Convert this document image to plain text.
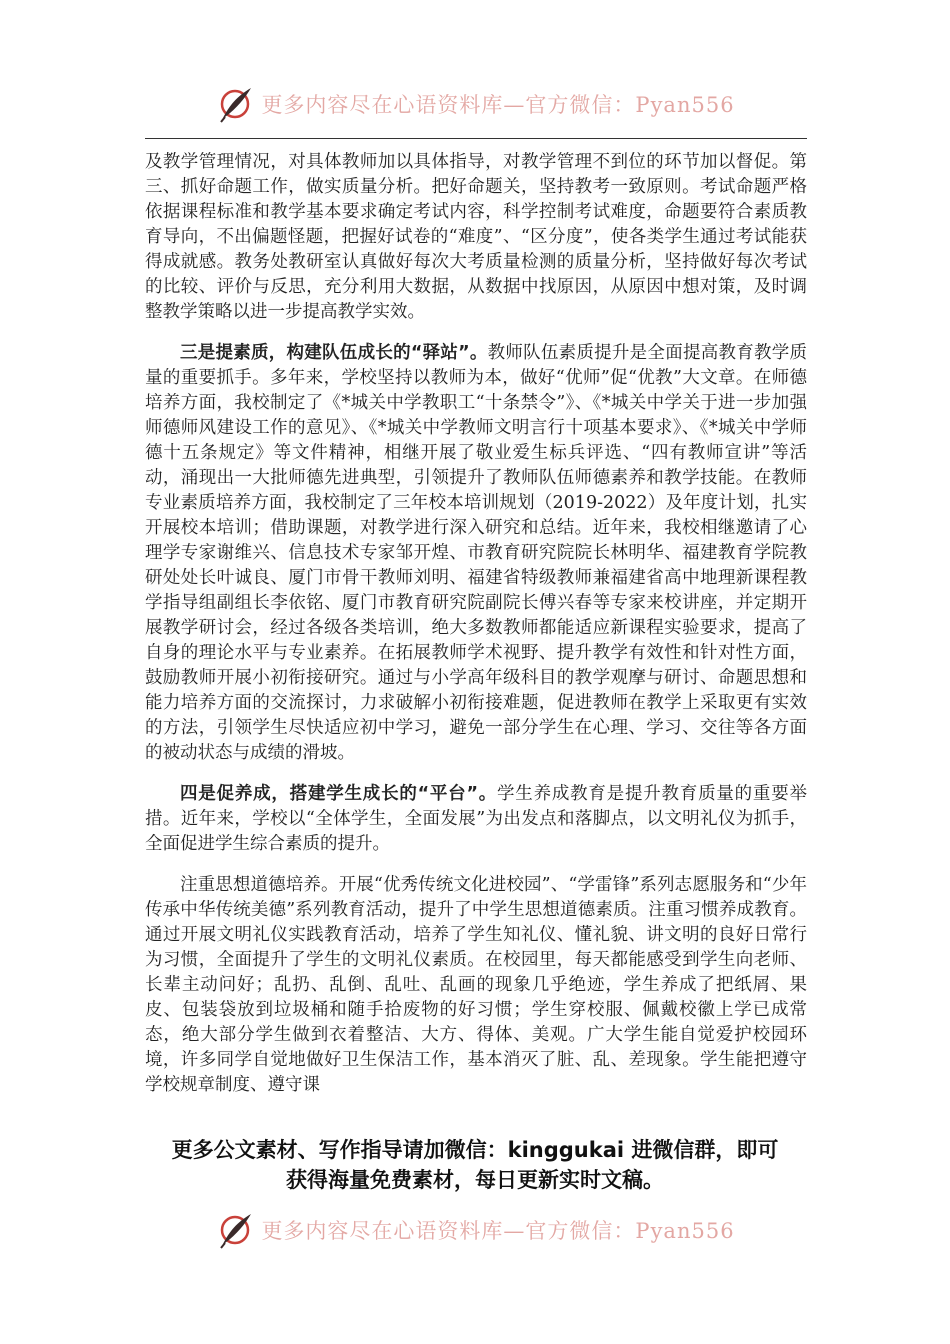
更多内容尽在心语资料库—官方微信：Pyan556

及教学管理情况，对具体教师加以具体指导，对教学管理不到位的环节加以督促。第三、抓好命题工作，做实质量分析。把好命题关，坚持教考一致原则。考试命题严格依据课程标准和教学基本要求确定考试内容，科学控制考试难度，命题要符合素质教育导向，不出偏题怪题，把握好试卷的“难度”、“区分度”，使各类学生通过考试能获得成就感。教务处教研室认真做好每次大考质量检测的质量分析，坚持做好每次考试的比较、评价与反思，充分利用大数据，从数据中找原因，从原因中想对策，及时调整教学策略以进一步提高教学实效。

三是提素质，构建队伍成长的“驿站”。教师队伍素质提升是全面提高教育教学质量的重要抓手。多年来，学校坚持以教师为本，做好“优师”促“优教”大文章。在师德培养方面，我校制定了《*城关中学教职工“十条禁令”》、《*城关中学关于进一步加强师德师风建设工作的意见》、《*城关中学教师文明言行十项基本要求》、《*城关中学师德十五条规定》等文件精神，相继开展了敬业爱生标兵评选、“四有教师宣讲”等活动，涌现出一大批师德先进典型，引领提升了教师队伍师德素养和教学技能。在教师专业素质培养方面，我校制定了三年校本培训规划（2019-2022）及年度计划，扎实开展校本培训；借助课题，对教学进行深入研究和总结。近年来，我校相继邀请了心理学专家谢维兴、信息技术专家邹开煌、市教育研究院院长林明华、福建教育学院教研处处长叶诚良、厦门市骨干教师刘明、福建省特级教师兼福建省高中地理新课程教学指导组副组长李依铭、厦门市教育研究院副院长傅兴春等专家来校讲座，并定期开展教学研讨会，经过各级各类培训，绝大多数教师都能适应新课程实验要求，提高了自身的理论水平与专业素养。在拓展教师学术视野、提升教学有效性和针对性方面，鼓励教师开展小初衔接研究。通过与小学高年级科目的教学观摩与研讨、命题思想和能力培养方面的交流探讨，力求破解小初衔接难题，促进教师在教学上采取更有实效的方法，引领学生尽快适应初中学习，避免一部分学生在心理、学习、交往等各方面的被动状态与成绩的滑坡。

四是促养成，搭建学生成长的“平台”。学生养成教育是提升教育质量的重要举措。近年来，学校以“全体学生，全面发展”为出发点和落脚点，以文明礼仪为抓手，全面促进学生综合素质的提升。

注重思想道德培养。开展“优秀传统文化进校园”、“学雷锋”系列志愿服务和“少年传承中华传统美德”系列教育活动，提升了中学生思想道德素质。注重习惯养成教育。通过开展文明礼仪实践教育活动，培养了学生知礼仪、懂礼貌、讲文明的良好日常行为习惯，全面提升了学生的文明礼仪素质。在校园里，每天都能感受到学生向老师、长辈主动问好；乱扔、乱倒、乱吐、乱画的现象几乎绝迹，学生养成了把纸屑、果皮、包装袋放到垃圾桶和随手拾废物的好习惯；学生穿校服、佩戴校徽上学已成常态，绝大部分学生做到衣着整洁、大方、得体、美观。广大学生能自觉爱护校园环境，许多同学自觉地做好卫生保洁工作，基本消灭了脏、乱、差现象。学生能把遵守学校规章制度、遵守课

更多公文素材、写作指导请加微信：kinggukai 进微信群，即可
获得海量免费素材，每日更新实时文稿。
更多内容尽在心语资料库—官方微信：Pyan556
